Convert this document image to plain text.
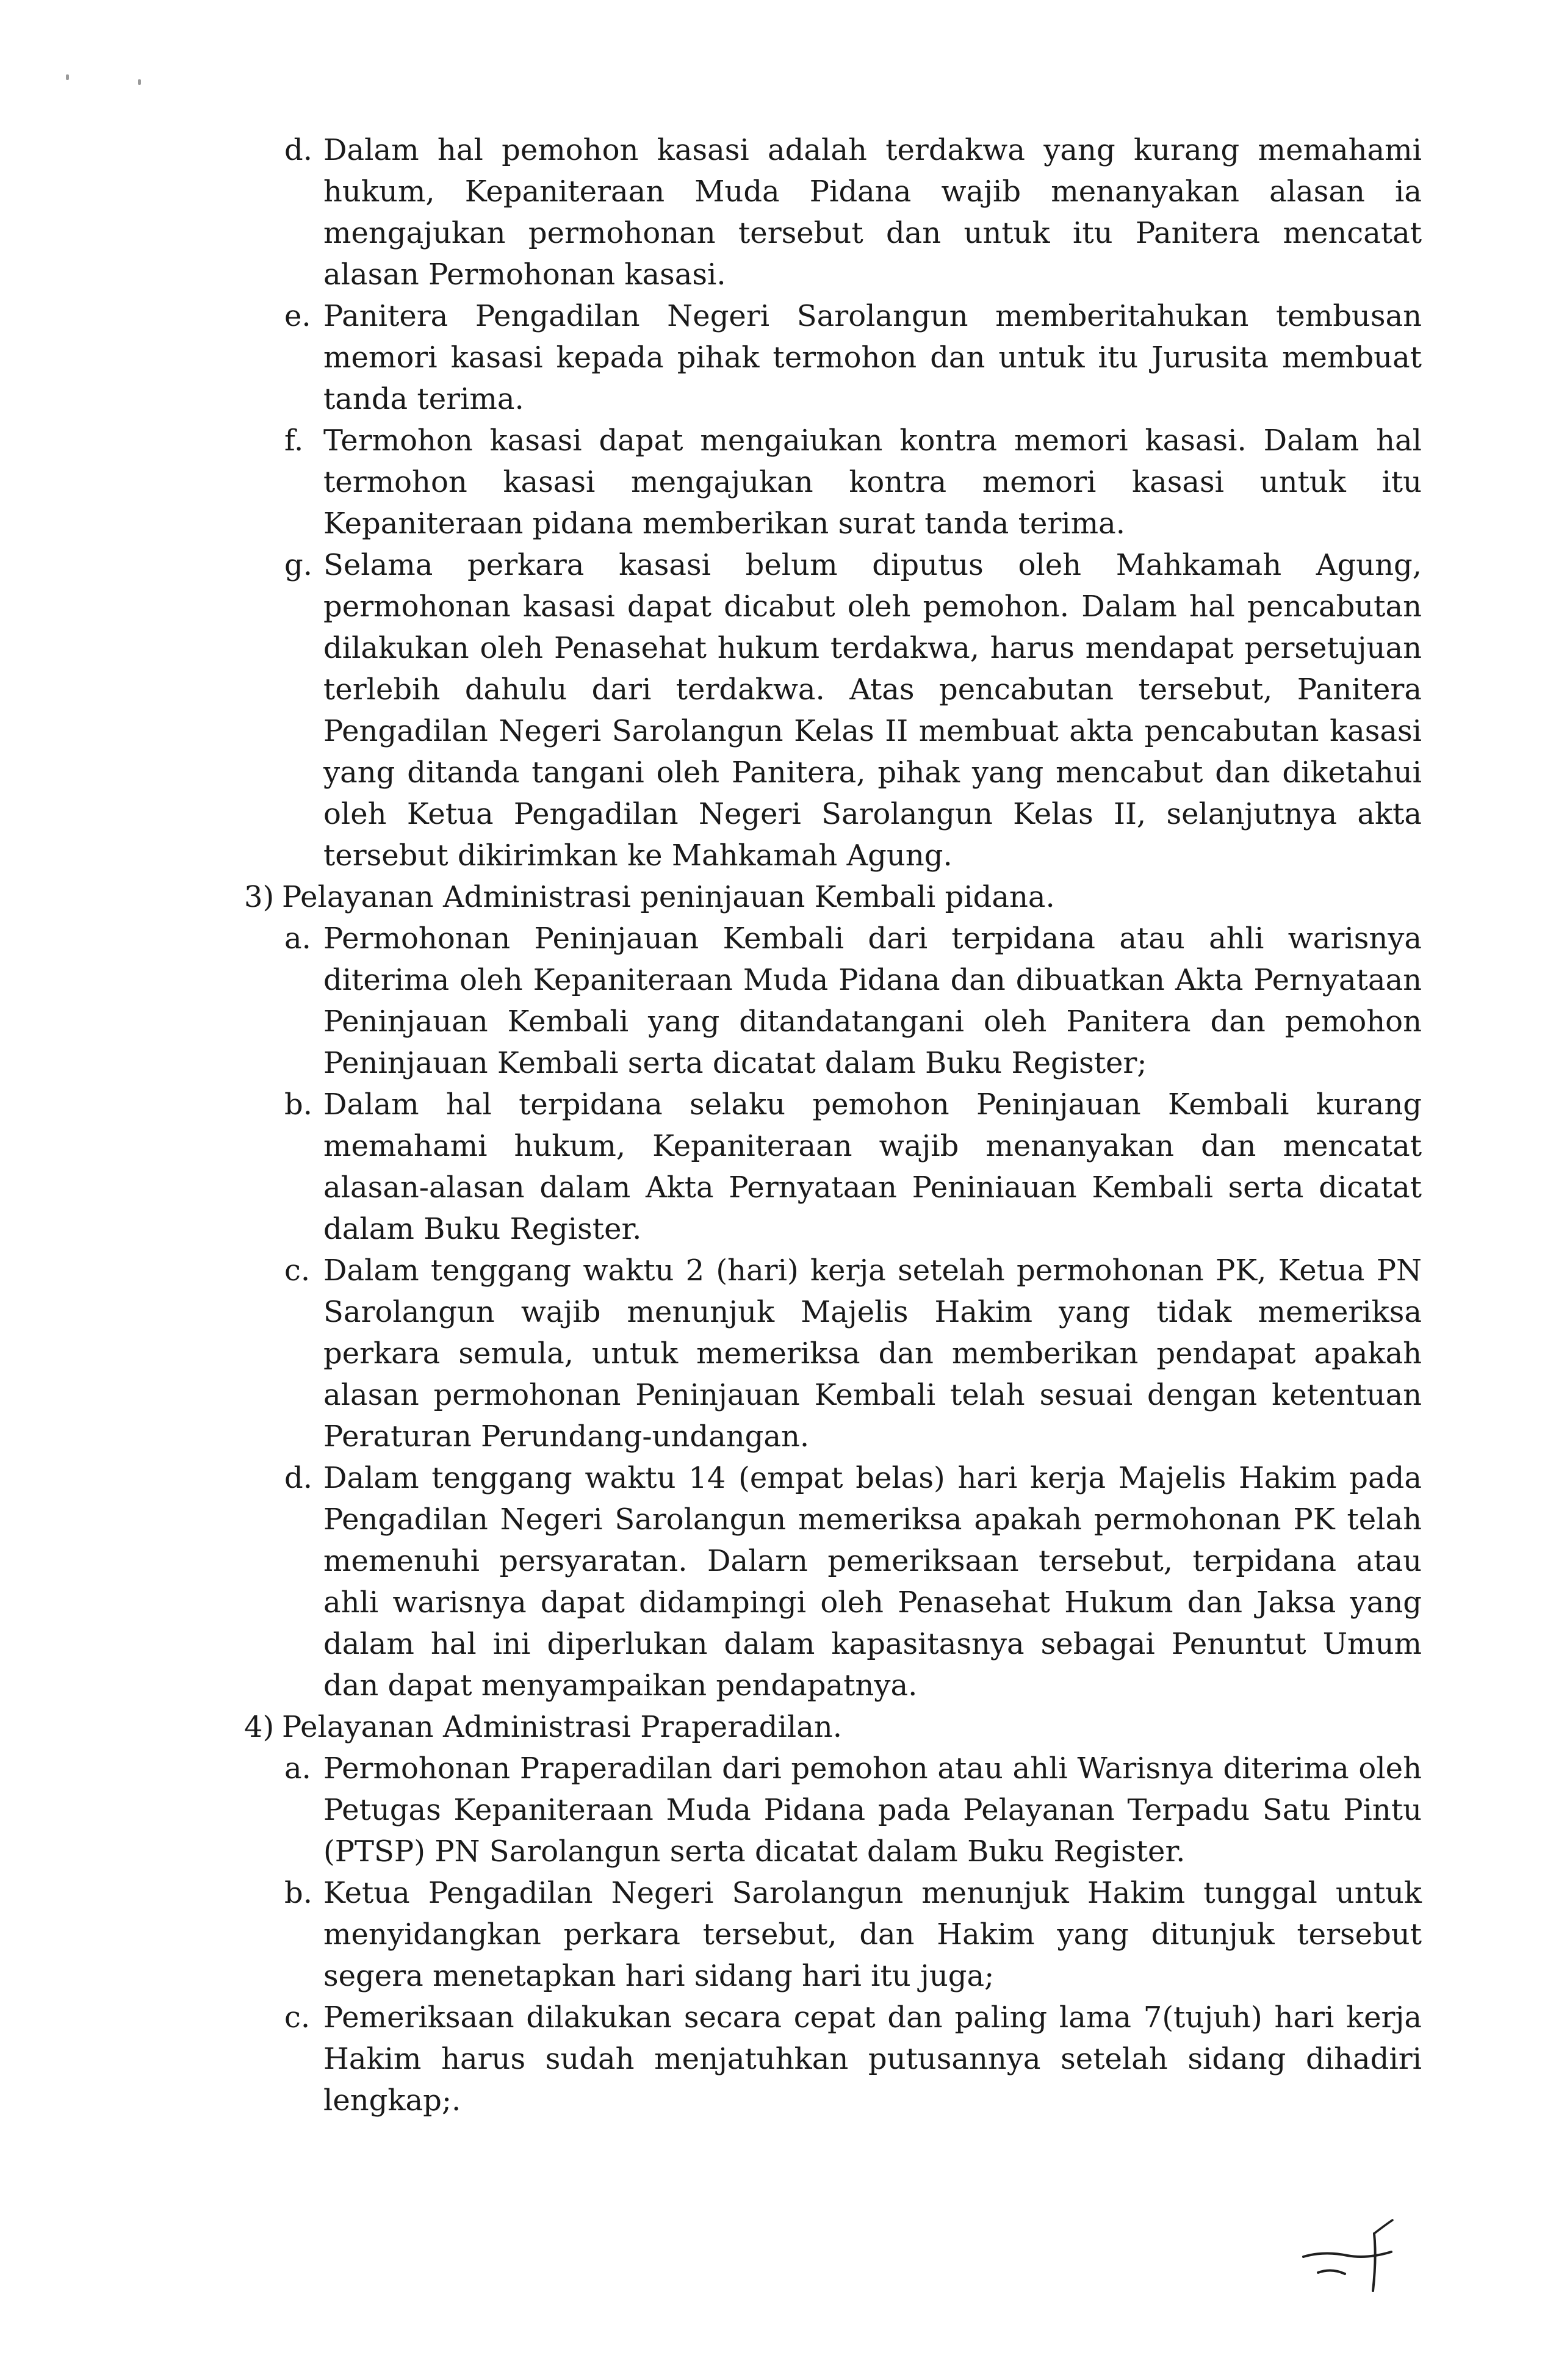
d. Dalam hal pemohon kasasi adalah terdakwa yang kurang memahami hukum, Kepaniteraan Muda Pidana wajib menanyakan alasan ia mengajukan permohonan tersebut dan untuk itu Panitera mencatat alasan Permohonan kasasi.
e. Panitera Pengadilan Negeri Sarolangun memberitahukan tembusan memori kasasi kepada pihak termohon dan untuk itu Jurusita membuat tanda terima.
f. Termohon kasasi dapat mengaiukan kontra memori kasasi. Dalam hal termohon kasasi mengajukan kontra memori kasasi untuk itu Kepaniteraan pidana memberikan surat tanda terima.
g. Selama perkara kasasi belum diputus oleh Mahkamah Agung, permohonan kasasi dapat dicabut oleh pemohon. Dalam hal pencabutan dilakukan oleh Penasehat hukum terdakwa, harus mendapat persetujuan terlebih dahulu dari terdakwa. Atas pencabutan tersebut, Panitera Pengadilan Negeri Sarolangun Kelas II membuat akta pencabutan kasasi yang ditanda tangani oleh Panitera, pihak yang mencabut dan diketahui oleh Ketua Pengadilan Negeri Sarolangun Kelas II, selanjutnya akta tersebut dikirimkan ke Mahkamah Agung.
3) Pelayanan Administrasi peninjauan Kembali pidana.
a. Permohonan Peninjauan Kembali dari terpidana atau ahli warisnya diterima oleh Kepaniteraan Muda Pidana dan dibuatkan Akta Pernyataan Peninjauan Kembali yang ditandatangani oleh Panitera dan pemohon Peninjauan Kembali serta dicatat dalam Buku Register;
b. Dalam hal terpidana selaku pemohon Peninjauan Kembali kurang memahami hukum, Kepaniteraan wajib menanyakan dan mencatat alasan-alasan dalam Akta Pernyataan Peniniauan Kembali serta dicatat dalam Buku Register.
c. Dalam tenggang waktu 2 (hari) kerja setelah permohonan PK, Ketua PN Sarolangun wajib menunjuk Majelis Hakim yang tidak memeriksa perkara semula, untuk memeriksa dan memberikan pendapat apakah alasan permohonan Peninjauan Kembali telah sesuai dengan ketentuan Peraturan Perundang-undangan.
d. Dalam tenggang waktu 14 (empat belas) hari kerja Majelis Hakim pada Pengadilan Negeri Sarolangun memeriksa apakah permohonan PK telah memenuhi persyaratan. Dalarn pemeriksaan tersebut, terpidana atau ahli warisnya dapat didampingi oleh Penasehat Hukum dan Jaksa yang dalam hal ini diperlukan dalam kapasitasnya sebagai Penuntut Umum dan dapat menyampaikan pendapatnya.
4) Pelayanan Administrasi Praperadilan.
a. Permohonan Praperadilan dari pemohon atau ahli Warisnya diterima oleh Petugas Kepaniteraan Muda Pidana pada Pelayanan Terpadu Satu Pintu (PTSP) PN Sarolangun serta dicatat dalam Buku Register.
b. Ketua Pengadilan Negeri Sarolangun menunjuk Hakim tunggal untuk menyidangkan perkara tersebut, dan Hakim yang ditunjuk tersebut segera menetapkan hari sidang hari itu juga;
c. Pemeriksaan dilakukan secara cepat dan paling lama 7(tujuh) hari kerja Hakim harus sudah menjatuhkan putusannya setelah sidang dihadiri lengkap;.
